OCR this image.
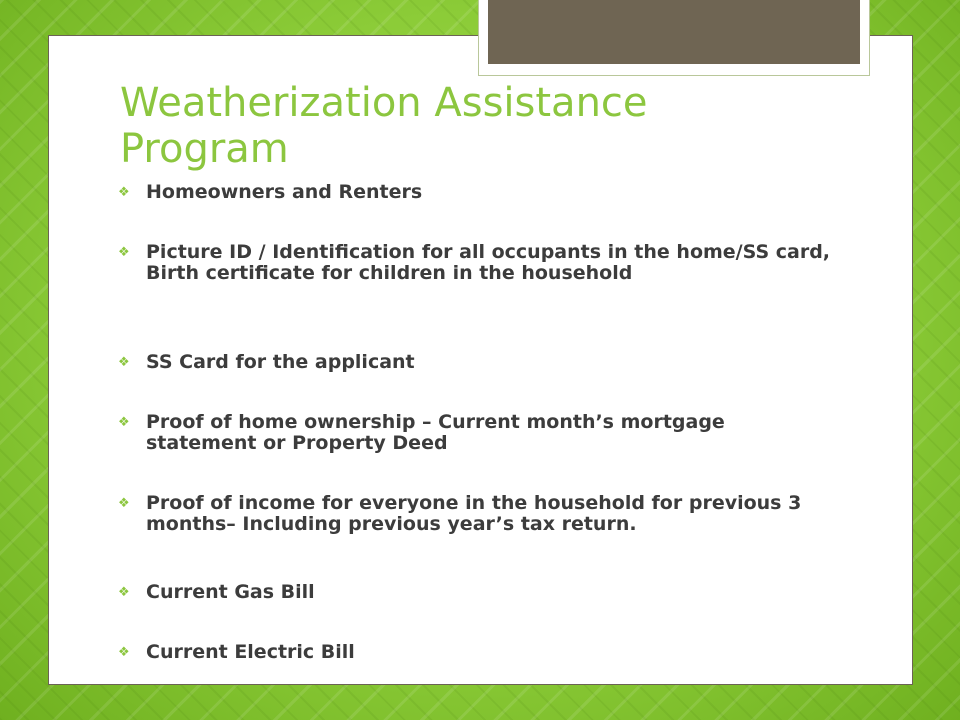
Weatherization Assistance
Program
❖ Homeowners and Renters
❖ Picture ID / Identification for all occupants in the home/SS card, Birth certificate for children in the household
❖ SS Card for the applicant
❖ Proof of home ownership – Current month’s mortgage statement or Property Deed
❖ Proof of income for everyone in the household for previous 3 months– Including previous year’s tax return.
❖ Current Gas Bill
❖ Current Electric Bill
